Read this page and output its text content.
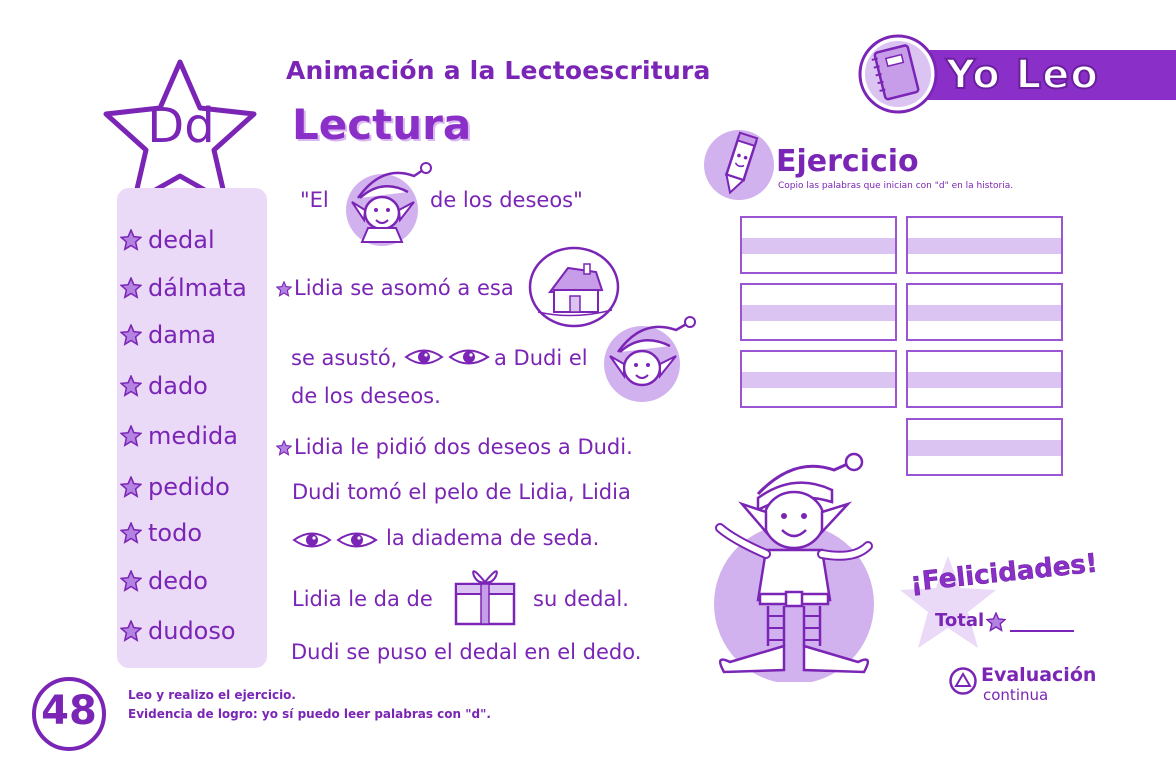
Dd
Animación a la Lectoescritura
Lectura
Yo Leo
dedal
dálmata
dama
dado
medida
pedido
todo
dedo
dudoso
"El	de los deseos"
Lidia se asomó a esa
se asustó,	a Dudi el
de los deseos.
Lidia le pidió dos deseos a Dudi.
Dudi tomó el pelo de Lidia, Lidia
la diadema de seda.
Lidia le da de	su dedal.
Dudi se puso el dedal en el dedo.
Ejercicio
Copio las palabras que inician con "d" en la historia.
¡Felicidades!
Total
Evaluación
continua
48	Leo y realizo el ejercicio.
Evidencia de logro: yo sí puedo leer palabras con "d".
